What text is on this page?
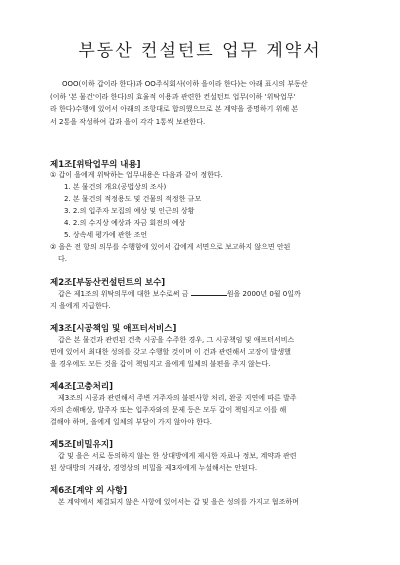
부동산 컨설턴트 업무 계약서
OOO(이하 갑이라 한다)과 OO주식회사(이하 을이라 한다)는 아래 표시의 부동산
(이하 '본 물건'이라 한다)의 효율적 이용과 관련한 컨설턴트 업무(이하 '위탁업무'
라 한다)수행에 있어서 아래의 조항대로 합의했으므로 본 계약을 증명하기 위해 본
서 2통을 작성하여 갑과 을이 각각 1통씩 보관한다.
제1조[위탁업무의 내용]
① 갑이 을에게 위탁하는 업무내용은 다음과 같이 정한다.
1. 본 물건의 개요(공법상의 조사)
2. 본 물건의 적정용도 및 건물의 적정한 규모
3. 2.의 입주자 모집의 예상 및 인근의 상황
4. 2.의 수지상 예상과 자금 회전의 예상
5. 상속세 평가에 관한 조언
② 을은 전 항의 의무를 수행함에 있어서 갑에게 서면으로 보고하지 않으면 안된
다.
제2조[부동산컨설턴트의 보수]
갑은 제1조의 위탁의무에 대한 보수로써 금	원을 2000년 0월 0일까
지 을에게 지급한다.
제3조[시공책임 및 애프터서비스]
갑은 본 물건과 관련된 건축 시공을 수주한 경우, 그 시공책임 및 애프터서비스
면에 있어서 최대한 성의를 갖고 수행할 것이며 이 건과 관련해서 고장이 발생했
을 경우에도 모든 것을 갑이 책임지고 을에게 일체의 불편을 주지 않는다.
제4조[고충처리]
제3조의 시공과 관련해서 주변 거주자의 불편사항 처리, 완공 지연에 따른 발주
자의 손해배상, 발주자 또는 입주자와의 문제 등은 모두 갑이 책임지고 이를 해
결해야 하며, 을에게 일체의 부담이 가지 않아야 한다.
제5조[비밀유지]
갑 및 을은 서로 동의하지 않는 한 상대방에게 제시한 자료나 정보, 계약과 관련
된 상대방의 거래상, 경영상의 비밀을 제3자에게 누설해서는 안된다.
제6조[계약 외 사항]
본 계약에서 체결되지 않은 사항에 있어서는 갑 및 을은 성의를 가지고 협조하며
